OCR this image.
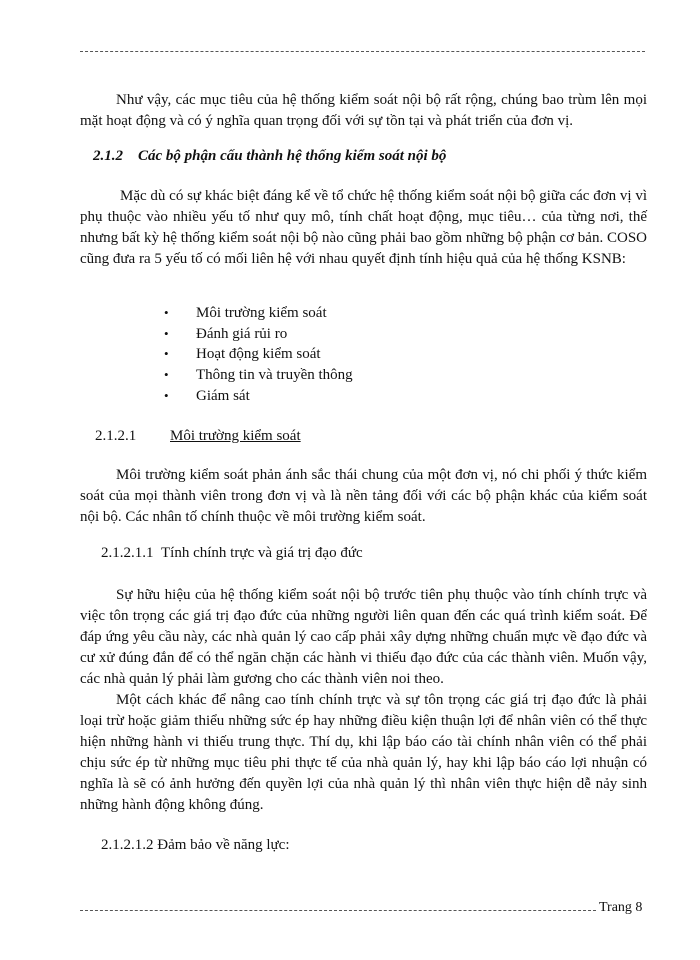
Như vậy, các mục tiêu của hệ thống kiểm soát nội bộ rất rộng, chúng bao trùm lên mọi mặt hoạt động và có ý nghĩa quan trọng đối với sự tồn tại và phát triển của đơn vị.

2.1.2 Các bộ phận cấu thành hệ thống kiểm soát nội bộ

Mặc dù có sự khác biệt đáng kể về tổ chức hệ thống kiểm soát nội bộ giữa các đơn vị vì phụ thuộc vào nhiều yếu tố như quy mô, tính chất hoạt động, mục tiêu… của từng nơi, thế nhưng bất kỳ hệ thống kiểm soát nội bộ nào cũng phải bao gồm những bộ phận cơ bản. COSO cũng đưa ra 5 yếu tố có mối liên hệ với nhau quyết định tính hiệu quả của hệ thống KSNB:

• Môi trường kiểm soát
• Đánh giá rủi ro
• Hoạt động kiểm soát
• Thông tin và truyền thông
• Giám sát

2.1.2.1 Môi trường kiểm soát

Môi trường kiểm soát phản ánh sắc thái chung của một đơn vị, nó chi phối ý thức kiểm soát của mọi thành viên trong đơn vị và là nền tảng đối với các bộ phận khác của kiểm soát nội bộ. Các nhân tố chính thuộc về môi trường kiểm soát.

2.1.2.1.1 Tính chính trực và giá trị đạo đức

Sự hữu hiệu của hệ thống kiểm soát nội bộ trước tiên phụ thuộc vào tính chính trực và việc tôn trọng các giá trị đạo đức của những người liên quan đến các quá trình kiểm soát. Để đáp ứng yêu cầu này, các nhà quản lý cao cấp phải xây dựng những chuẩn mực về đạo đức và cư xử đúng đắn để có thể ngăn chặn các hành vi thiếu đạo đức của các thành viên. Muốn vậy, các nhà quản lý phải làm gương cho các thành viên noi theo.

Một cách khác để nâng cao tính chính trực và sự tôn trọng các giá trị đạo đức là phải loại trừ hoặc giảm thiểu những sức ép hay những điều kiện thuận lợi để nhân viên có thể thực hiện những hành vi thiếu trung thực. Thí dụ, khi lập báo cáo tài chính nhân viên có thể phải chịu sức ép từ những mục tiêu phi thực tế của nhà quản lý, hay khi lập báo cáo lợi nhuận có nghĩa là sẽ có ảnh hưởng đến quyền lợi của nhà quản lý thì nhân viên thực hiện dễ nảy sinh những hành động không đúng.

2.1.2.1.2 Đảm bảo về năng lực:

Trang 8
